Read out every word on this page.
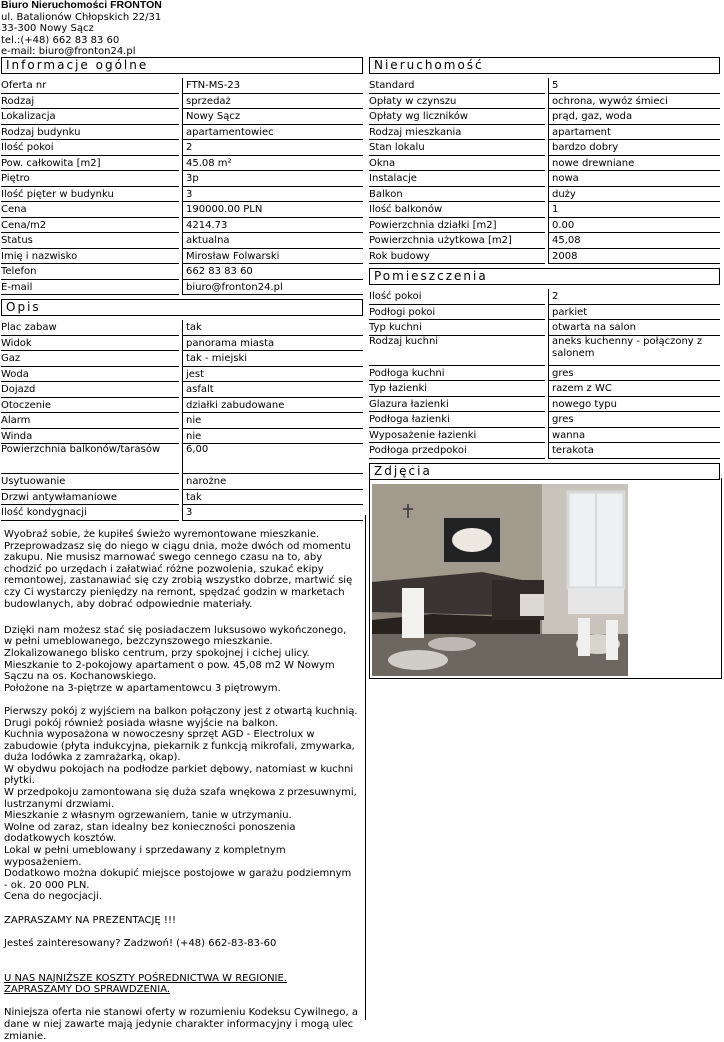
Biuro Nieruchomości FRONTON
ul. Batalionów Chłopskich 22/31
33-300 Nowy Sącz
tel.:(+48) 662 83 83 60
e-mail: biuro@fronton24.pl
Informacje ogólne
Oferta nr	FTN-MS-23
Rodzaj	sprzedaż
Lokalizacja	Nowy Sącz
Rodzaj budynku	apartamentowiec
Ilość pokoi	2
Pow. całkowita [m2]	45.08 m²
Piętro	3p
Ilość pięter w budynku	3
Cena	190000.00 PLN
Cena/m2	4214.73
Status	aktualna
Imię i nazwisko	Mirosław Folwarski
Telefon	662 83 83 60
E-mail	biuro@fronton24.pl
Opis
Plac zabaw	tak
Widok	panorama miasta
Gaz	tak - miejski
Woda	jest
Dojazd	asfalt
Otoczenie	działki zabudowane
Alarm	nie
Winda	nie
Powierzchnia balkonów/tarasów	6,00
Usytuowanie	narożne
Drzwi antywłamaniowe	tak
Ilość kondygnacji	3
Nieruchomość
Standard	5
Opłaty w czynszu	ochrona, wywóz śmieci
Opłaty wg liczników	prąd, gaz, woda
Rodzaj mieszkania	apartament
Stan lokalu	bardzo dobry
Okna	nowe drewniane
Instalacje	nowa
Balkon	duży
Ilość balkonów	1
Powierzchnia działki [m2]	0.00
Powierzchnia użytkowa [m2]	45,08
Rok budowy	2008
Pomieszczenia
Ilość pokoi	2
Podłogi pokoi	parkiet
Typ kuchni	otwarta na salon
Rodzaj kuchni	aneks kuchenny - połączony z salonem
Podłoga kuchni	gres
Typ łazienki	razem z WC
Glazura łazienki	nowego typu
Podłoga łazienki	gres
Wyposażenie łazienki	wanna
Podłoga przedpokoi	terakota
Zdjęcia

Wyobraź sobie, że kupiłeś świeżo wyremontowane mieszkanie.
Przeprowadzasz się do niego w ciągu dnia, może dwóch od momentu
zakupu. Nie musisz marnować swego cennego czasu na to, aby
chodzić po urzędach i załatwiać różne pozwolenia, szukać ekipy
remontowej, zastanawiać się czy zrobią wszystko dobrze, martwić się
czy Ci wystarczy pieniędzy na remont, spędzać godzin w marketach
budowlanych, aby dobrać odpowiednie materiały.

Dzięki nam możesz stać się posiadaczem luksusowo wykończonego,
w pełni umeblowanego, bezczynszowego mieszkanie.
Zlokalizowanego blisko centrum, przy spokojnej i cichej ulicy.
Mieszkanie to 2-pokojowy apartament o pow. 45,08 m2 W Nowym
Sączu na os. Kochanowskiego.
Położone na 3-piętrze w apartamentowcu 3 piętrowym.

Pierwszy pokój z wyjściem na balkon połączony jest z otwartą kuchnią.
Drugi pokój również posiada własne wyjście na balkon.
Kuchnia wyposażona w nowoczesny sprzęt AGD - Electrolux w
zabudowie (płyta indukcyjna, piekarnik z funkcją mikrofali, zmywarka,
duża lodówka z zamrażarką, okap).
W obydwu pokojach na podłodze parkiet dębowy, natomiast w kuchni
płytki.
W przedpokoju zamontowana się duża szafa wnękowa z przesuwnymi,
lustrzanymi drzwiami.
Mieszkanie z własnym ogrzewaniem, tanie w utrzymaniu.
Wolne od zaraz, stan idealny bez konieczności ponoszenia
dodatkowych kosztów.
Lokal w pełni umeblowany i sprzedawany z kompletnym
wyposażeniem.
Dodatkowo można dokupić miejsce postojowe w garażu podziemnym
- ok. 20 000 PLN.
Cena do negocjacji.

ZAPRASZAMY NA PREZENTACJĘ !!!

Jesteś zainteresowany? Zadzwoń! (+48) 662-83-83-60

U NAS NAJNIŻSZE KOSZTY POŚREDNICTWA W REGIONIE.
ZAPRASZAMY DO SPRAWDZENIA.

Niniejsza oferta nie stanowi oferty w rozumieniu Kodeksu Cywilnego, a
dane w niej zawarte mają jedynie charakter informacyjny i mogą ulec
zmianie.
